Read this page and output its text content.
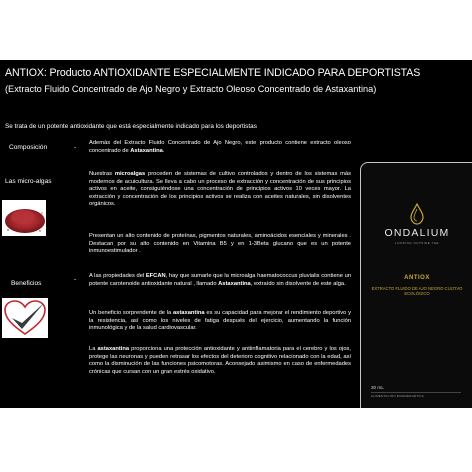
ANTIOX: Producto ANTIOXIDANTE ESPECIALMENTE INDICADO PARA DEPORTISTAS
(Extracto Fluido Concentrado de Ajo Negro y Extracto Oleoso Concentrado de Astaxantina)
Se trata de un potente antioxidante que está especialmente indicado para los deportistas
Composición	-
Además del Extracto Fluido Concentrado de Ajo Negro, este producto contiene extracto oleoso concentrado de Astaxantina.
Las micro-algas
Nuestras microalgas proceden de sistemas de cultivo controlados y dentro de los sistemas más modernos de acuicultura. Se lleva a cabo un proceso de extracción y concentración de sus principios activos en aceite, consiguiéndose una concentración de principios activos 10 veces mayor. La extracción y concentración de los principios activos se realiza con aceites naturales, sin disolventes orgánicos.
Presentan un alto contenido de proteínas, pigmentos naturales, aminoácidos esenciales y minerales . Destacan por su alto contenido en Vitamina B5 y en 1-3Beta glucano que es un potente inmunoestimulador .
Beneficios
- A las propiedades del EFCAN, hay que sumarle que la microalga haematococcus pluvialis contiene un potente carotenoide antioxidante natural , llamado Astaxantina, extraído sin disolvente de este alga.
Un beneficio sorprendente de la astaxantina es su capacidad para mejorar el rendimiento deportivo y la resistencia, así como los niveles de fatiga después del ejercicio, aumentando la función inmunológica y de la salud cardiovascular.
La astaxantina proporciona una protección antioxidante y antiinflamatoria para el cerebro y los ojos, protege las neuronas y pueden retrasar los efectos del deterioro cognitivo relacionado con la edad, así como la disminución de las funciones psicomotoras. Aconsejado asimismo en caso de enfermedades crónicas que cursan con un gran estrés oxidativo.
ONDALIUM
LOOKING OUTSIDE THE
ANTIOX
EXTRACTO FLUIDO DE AJO NEGRO CULTIVO ECOLÓGICO
30 mL
ALIMENTACIÓN BIOENERGÉTICA
